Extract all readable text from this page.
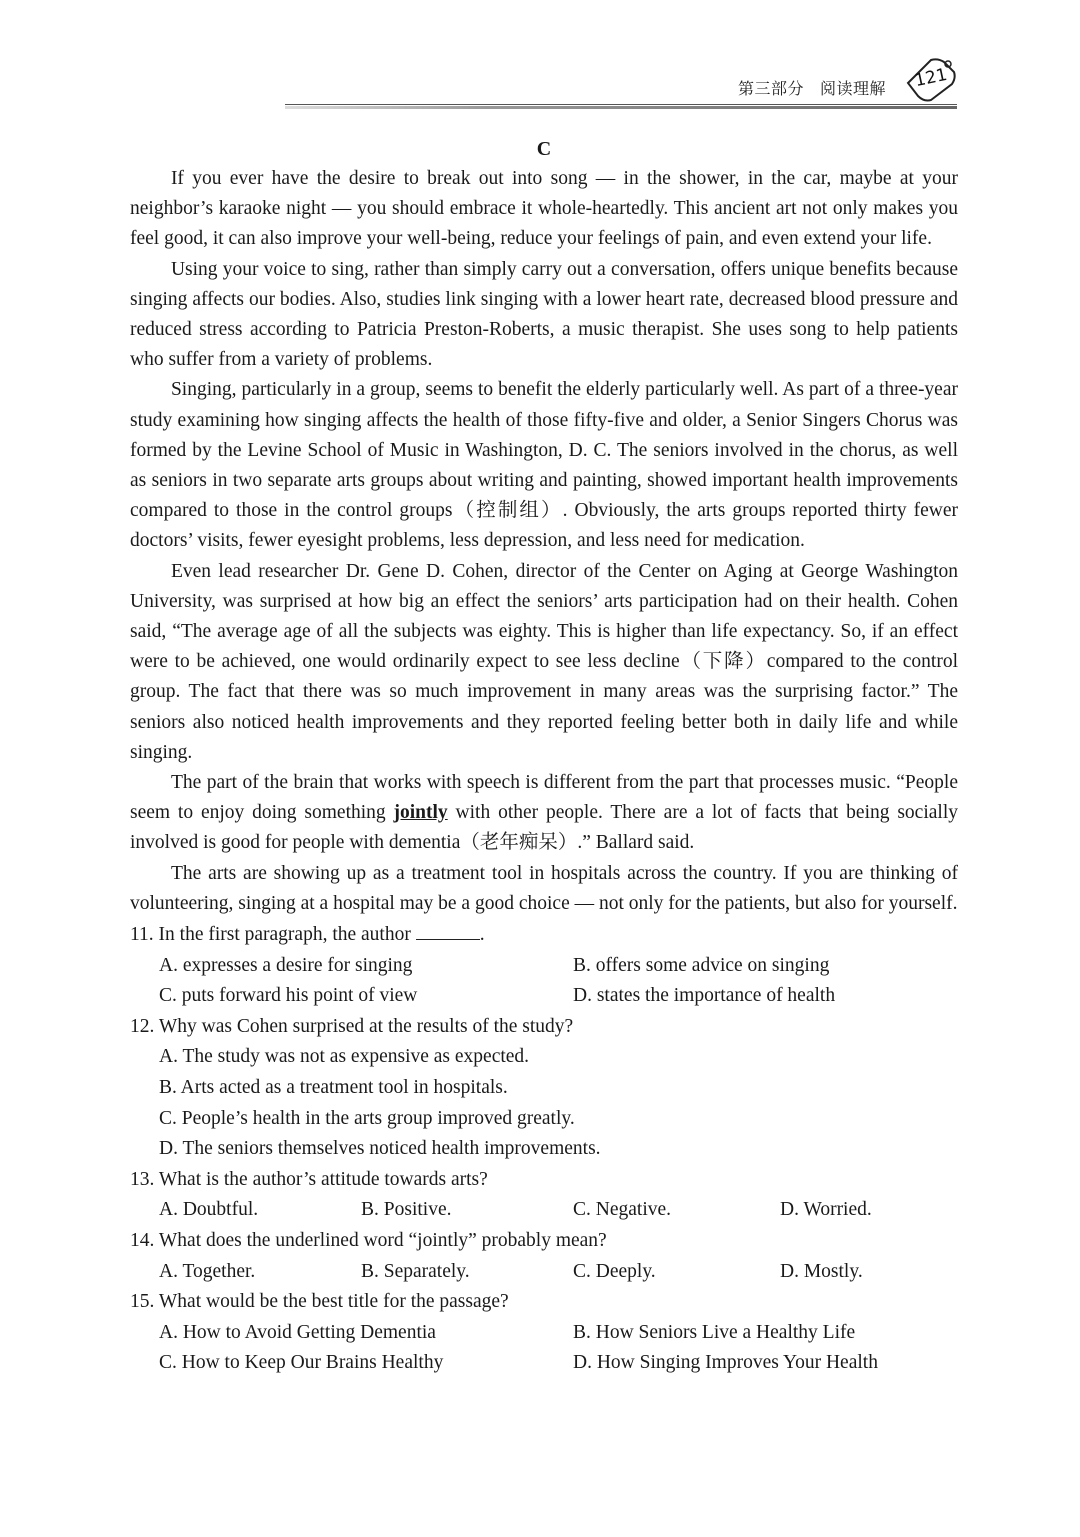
第三部分 阅读理解	121
C

If you ever have the desire to break out into song — in the shower, in the car, maybe at your neighbor’s karaoke night — you should embrace it whole-heartedly. This ancient art not only makes you feel good, it can also improve your well-being, reduce your feelings of pain, and even extend your life.

Using your voice to sing, rather than simply carry out a conversation, offers unique benefits because singing affects our bodies. Also, studies link singing with a lower heart rate, decreased blood pressure and reduced stress according to Patricia Preston-Roberts, a music therapist. She uses song to help patients who suffer from a variety of problems.

Singing, particularly in a group, seems to benefit the elderly particularly well. As part of a three-year study examining how singing affects the health of those fifty-five and older, a Senior Singers Chorus was formed by the Levine School of Music in Washington, D. C. The seniors involved in the chorus, as well as seniors in two separate arts groups about writing and painting, showed important health improvements compared to those in the control groups（控制组）. Obviously, the arts groups reported thirty fewer doctors’ visits, fewer eyesight problems, less depression, and less need for medication.

Even lead researcher Dr. Gene D. Cohen, director of the Center on Aging at George Washington University, was surprised at how big an effect the seniors’ arts participation had on their health. Cohen said, “The average age of all the subjects was eighty. This is higher than life expectancy. So, if an effect were to be achieved, one would ordinarily expect to see less decline（下降）compared to the control group. The fact that there was so much improvement in many areas was the surprising factor.” The seniors also noticed health improvements and they reported feeling better both in daily life and while singing.

The part of the brain that works with speech is different from the part that processes music. “People seem to enjoy doing something jointly with other people. There are a lot of facts that being socially involved is good for people with dementia（老年痴呆）.” Ballard said.

The arts are showing up as a treatment tool in hospitals across the country. If you are thinking of volunteering, singing at a hospital may be a good choice — not only for the patients, but also for yourself.

11. In the first paragraph, the author	.

A. expresses a desire for singing	B. offers some advice on singing
C. puts forward his point of view	D. states the importance of health

12. Why was Cohen surprised at the results of the study?

A. The study was not as expensive as expected.
B. Arts acted as a treatment tool in hospitals.
C. People’s health in the arts group improved greatly.
D. The seniors themselves noticed health improvements.

13. What is the author’s attitude towards arts?

A. Doubtful.	B. Positive.	C. Negative.	D. Worried.

14. What does the underlined word “jointly” probably mean?

A. Together.	B. Separately.	C. Deeply.	D. Mostly.

15. What would be the best title for the passage?

A. How to Avoid Getting Dementia	B. How Seniors Live a Healthy Life
C. How to Keep Our Brains Healthy	D. How Singing Improves Your Health
